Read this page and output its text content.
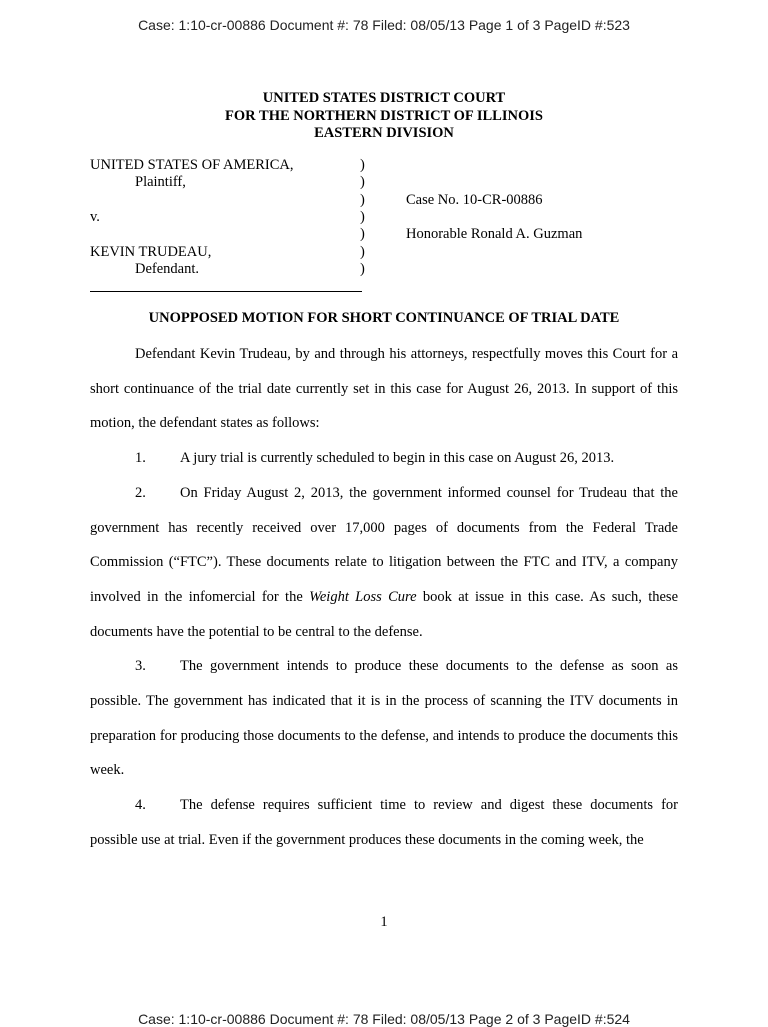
Case: 1:10-cr-00886 Document #: 78 Filed: 08/05/13 Page 1 of 3 PageID #:523
UNITED STATES DISTRICT COURT
FOR THE NORTHERN DISTRICT OF ILLINOIS
EASTERN DIVISION
UNITED STATES OF AMERICA,
Plaintiff,
v.
KEVIN TRUDEAU,
Defendant.
)
)
)
)
)
)
)
Case No. 10-CR-00886
Honorable Ronald A. Guzman
UNOPPOSED MOTION FOR SHORT CONTINUANCE OF TRIAL DATE

Defendant Kevin Trudeau, by and through his attorneys, respectfully moves this Court for a short continuance of the trial date currently set in this case for August 26, 2013. In support of this motion, the defendant states as follows:

1. A jury trial is currently scheduled to begin in this case on August 26, 2013.

2. On Friday August 2, 2013, the government informed counsel for Trudeau that the government has recently received over 17,000 pages of documents from the Federal Trade Commission (“FTC”). These documents relate to litigation between the FTC and ITV, a company involved in the infomercial for the Weight Loss Cure book at issue in this case. As such, these documents have the potential to be central to the defense.

3. The government intends to produce these documents to the defense as soon as possible. The government has indicated that it is in the process of scanning the ITV documents in preparation for producing those documents to the defense, and intends to produce the documents this week.

4. The defense requires sufficient time to review and digest these documents for possible use at trial. Even if the government produces these documents in the coming week, the

1
Case: 1:10-cr-00886 Document #: 78 Filed: 08/05/13 Page 2 of 3 PageID #:524
